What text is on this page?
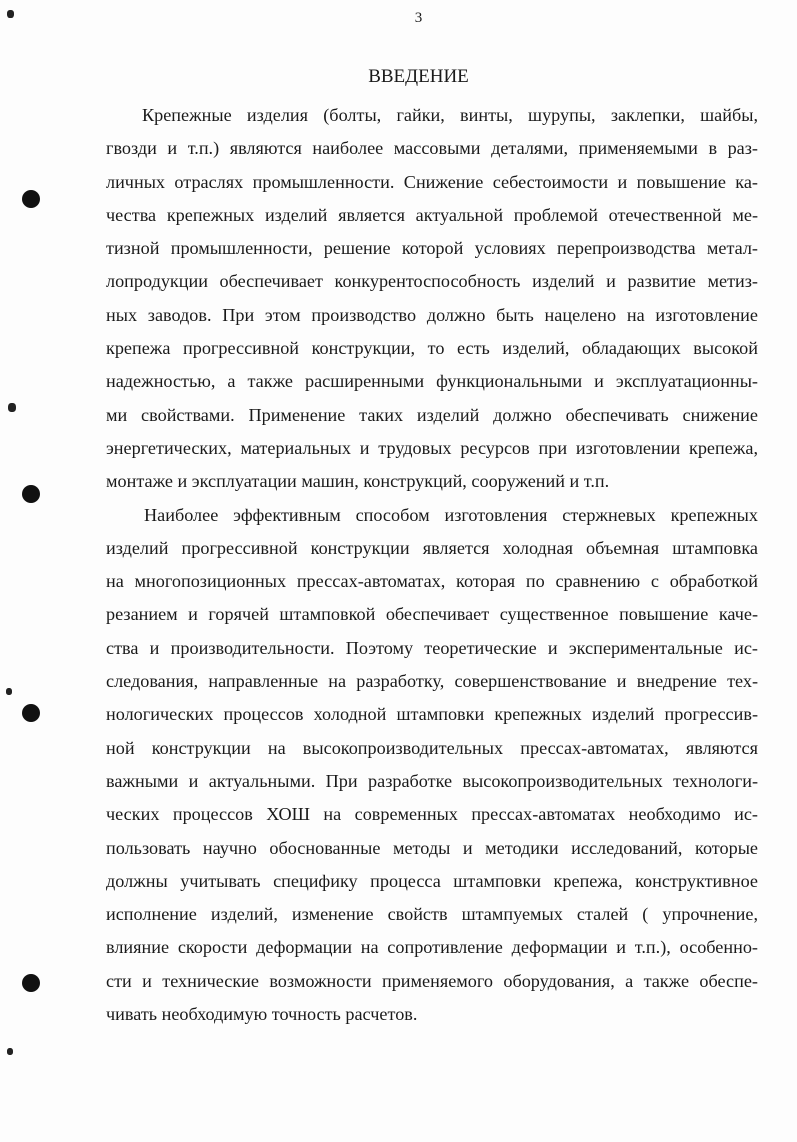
3
ВВЕДЕНИЕ
Крепежные изделия (болты, гайки, винты, шурупы, заклепки, шайбы,
гвозди и т.п.) являются наиболее массовыми деталями, применяемыми в раз-
личных отраслях промышленности. Снижение себестоимости и повышение ка-
чества крепежных изделий является актуальной проблемой отечественной ме-
тизной промышленности, решение которой условиях перепроизводства метал-
лопродукции обеспечивает конкурентоспособность изделий и развитие метиз-
ных заводов. При этом производство должно быть нацелено на изготовление
крепежа прогрессивной конструкции, то есть изделий, обладающих высокой
надежностью, а также расширенными функциональными и эксплуатационны-
ми свойствами. Применение таких изделий должно обеспечивать снижение
энергетических, материальных и трудовых ресурсов при изготовлении крепежа,
монтаже и эксплуатации машин, конструкций, сооружений и т.п.
Наиболее эффективным способом изготовления стержневых крепежных
изделий прогрессивной конструкции является холодная объемная штамповка
на многопозиционных прессах-автоматах, которая по сравнению с обработкой
резанием и горячей штамповкой обеспечивает существенное повышение каче-
ства и производительности. Поэтому теоретические и экспериментальные ис-
следования, направленные на разработку, совершенствование и внедрение тех-
нологических процессов холодной штамповки крепежных изделий прогрессив-
ной конструкции на высокопроизводительных прессах-автоматах, являются
важными и актуальными. При разработке высокопроизводительных технологи-
ческих процессов ХОШ на современных прессах-автоматах необходимо ис-
пользовать научно обоснованные методы и методики исследований, которые
должны учитывать специфику процесса штамповки крепежа, конструктивное
исполнение изделий, изменение свойств штампуемых сталей ( упрочнение,
влияние скорости деформации на сопротивление деформации и т.п.), особенно-
сти и технические возможности применяемого оборудования, а также обеспе-
чивать необходимую точность расчетов.
